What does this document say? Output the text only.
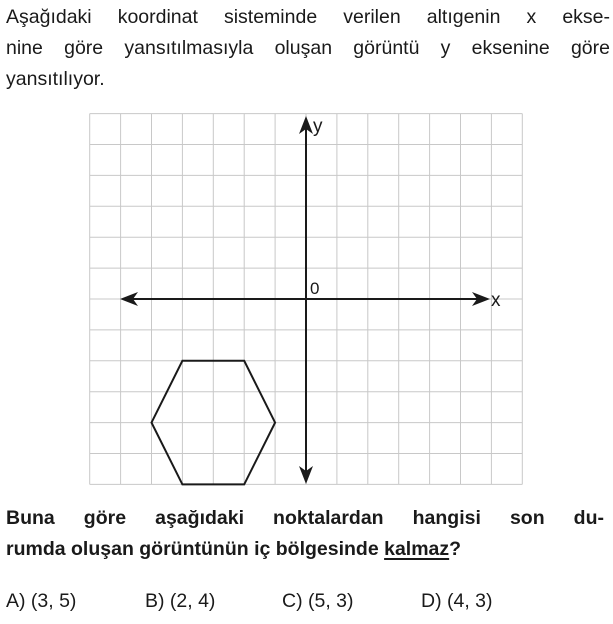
Aşağıdaki koordinat sisteminde verilen altıgenin x ekse-
nine göre yansıtılmasıyla oluşan görüntü y eksenine göre
yansıtılıyor.
y
x
0
Buna göre aşağıdaki noktalardan hangisi son du-
rumda oluşan görüntünün iç bölgesinde kalmaz?
A) (3, 5)	B) (2, 4)	C) (5, 3)	D) (4, 3)
